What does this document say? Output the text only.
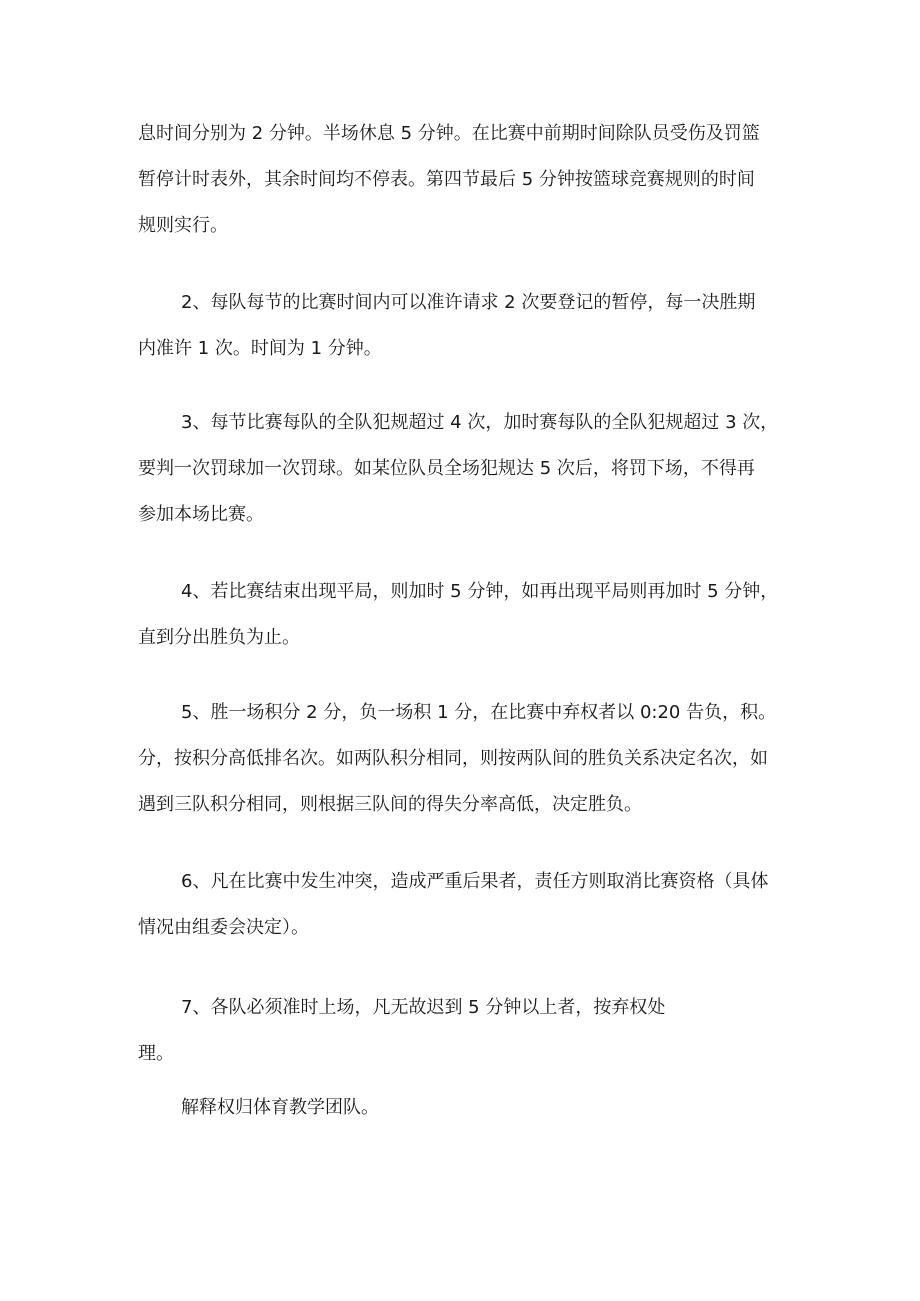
息时间分别为 2 分钟。半场休息 5 分钟。在比赛中前期时间除队员受伤及罚篮
暂停计时表外，其余时间均不停表。第四节最后 5 分钟按篮球竞赛规则的时间
规则实行。

2、每队每节的比赛时间内可以准许请求 2 次要登记的暂停，每一决胜期
内准许 1 次。时间为 1 分钟。

3、每节比赛每队的全队犯规超过 4 次，加时赛每队的全队犯规超过 3 次，
要判一次罚球加一次罚球。如某位队员全场犯规达 5 次后，将罚下场，不得再
参加本场比赛。

4、若比赛结束出现平局，则加时 5 分钟，如再出现平局则再加时 5 分钟，
直到分出胜负为止。

5、胜一场积分 2 分，负一场积 1 分，在比赛中弃权者以 0:20 告负，积。
分，按积分高低排名次。如两队积分相同，则按两队间的胜负关系决定名次，如
遇到三队积分相同，则根据三队间的得失分率高低，决定胜负。

6、凡在比赛中发生冲突，造成严重后果者，责任方则取消比赛资格（具体
情况由组委会决定）。

7、各队必须准时上场，凡无故迟到 5 分钟以上者，按弃权处
理。

解释权归体育教学团队。
